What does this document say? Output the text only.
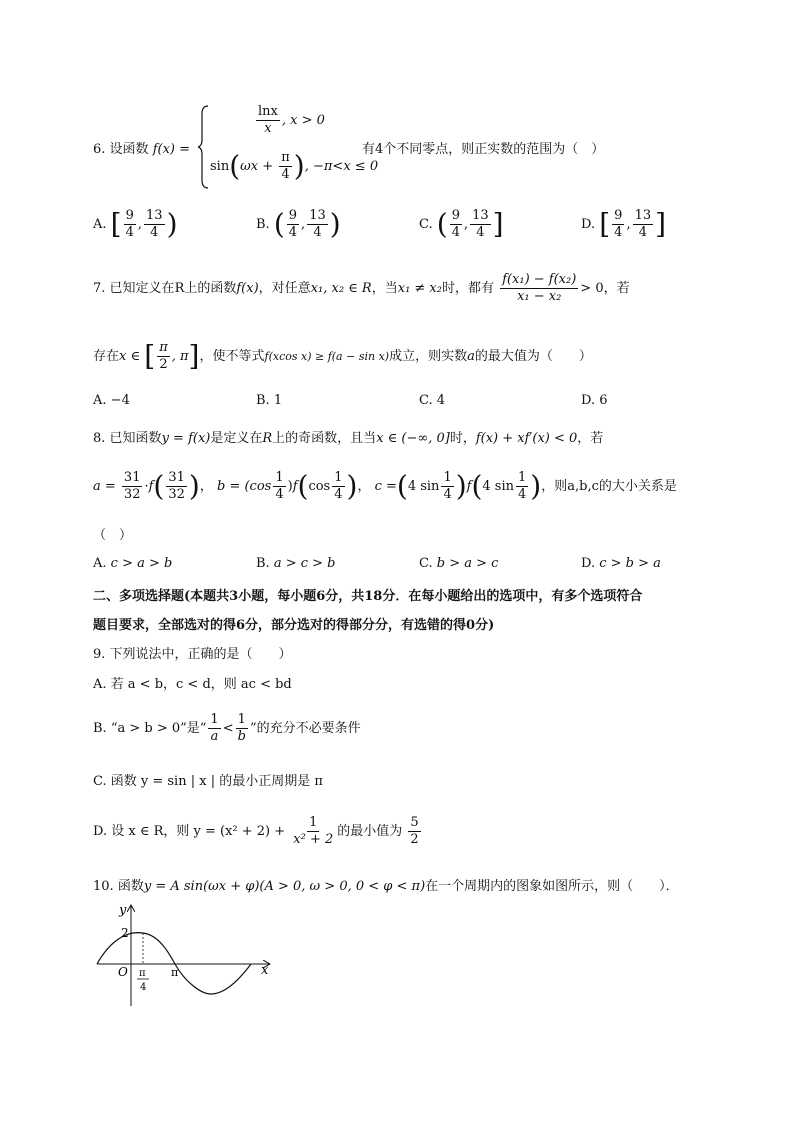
6. 设函数 f(x) =
$\frac{\ln x}{x}$ , x > 0
$\sin(\omega x + \frac{\pi}{4}$ ), −π<x ≤ 0
有4个不同零点，则正实数的范围为（　）
A. [ $\frac{9}{4}$ , $\frac{13}{4}$ )	B. ( $\frac{9}{4}$ , $\frac{13}{4}$ )	C. ( $\frac{9}{4}$ , $\frac{13}{4}$ ]	D. [ $\frac{9}{4}$ , $\frac{13}{4}$ ]
7. 已知定义在R上的函数f(x)，对任意x₁, x₂ ∈ R，当x₁ ≠ x₂时，都有 $\frac{\text{f(x₁) − f(x₂)}}{\text{x₁ − x₂}} > 0$，若
存在x ∈ [ $\frac{\pi}{2}$ , π]，使不等式f(xcos x) ≥ f(a − sin x)成立，则实数a的最大值为（　　）
A. −4	B. 1	C. 4	D. 6
8. 已知函数y = f(x)是定义在R上的奇函数，且当x ∈ (−∞, 0]时，f(x) + xf′(x) < 0，若
$a = \frac{31}{32} \cdot f( \frac{31}{32}$ )， $b = (\cos \frac{1}{4} )f(\cos \frac{1}{4}$ )， c =(4 $\sin \frac{1}{4} )f(4$ $\sin \frac{1}{4}$ )，则a,b,c的大小关系是
（　）
A. c > a > b	B. a > c > b	C. b > a > c	D. c > b > a
二、多项选择题(本题共3小题，每小题6分，共18分．在每小题给出的选项中，有多个选项符合
题目要求，全部选对的得6分，部分选对的得部分分，有选错的得0分)
9. 下列说法中，正确的是（　　）
A. 若 a < b，c < d，则 ac < bd
B. “a > b > 0”是“ $\frac{1}{a} < \frac{1}{b}$ ”的充分不必要条件
C. 函数 y = sin | x | 的最小正周期是 π
D. 设 x ∈ R，则 $y = (x^2 + 2) + \frac{1}{\text{x² + 2}}$ 的最小值为 $\frac{5}{2}$
10. 函数y = A sin(ωx + φ)(A > 0, ω > 0, 0 < φ < π)在一个周期内的图象如图所示，则（　　）．
y
x
O
2
π
4
π
